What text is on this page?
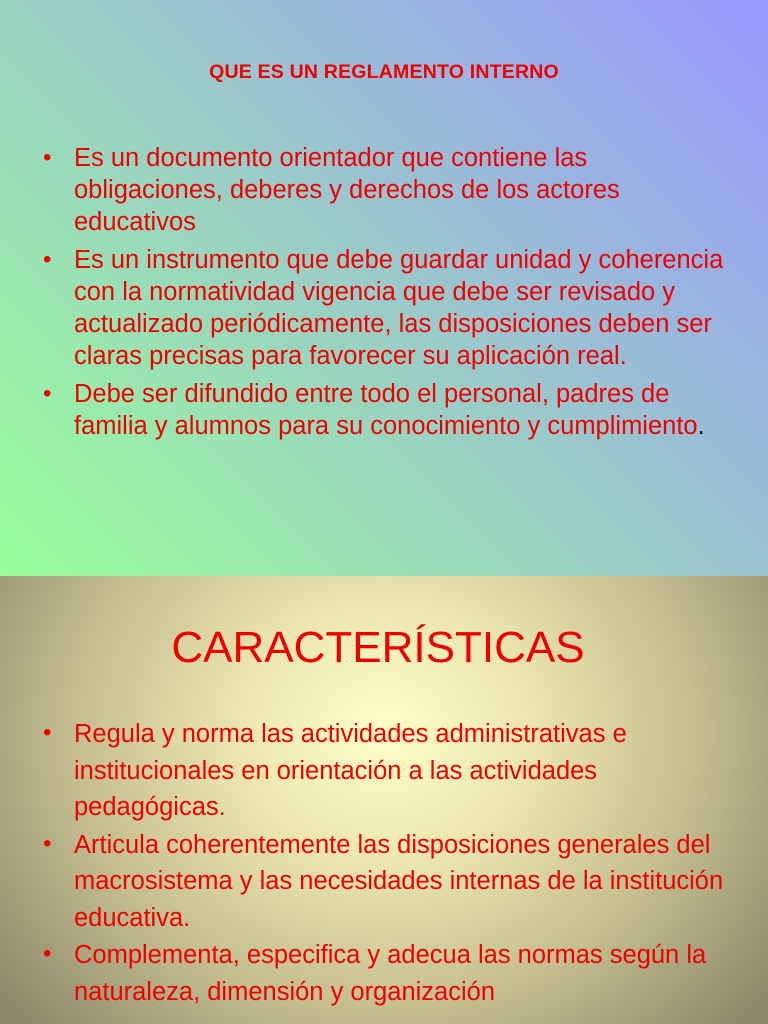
QUE ES UN REGLAMENTO INTERNO
• Es un documento orientador que contiene las obligaciones, deberes y derechos de los actores educativos
• Es un instrumento que debe guardar unidad y coherencia con la normatividad vigencia que debe ser revisado y actualizado periódicamente, las disposiciones deben ser claras precisas para favorecer su aplicación real.
• Debe ser difundido entre todo el personal, padres de familia y alumnos para su conocimiento y cumplimiento.
CARACTERÍSTICAS
• Regula y norma las actividades administrativas e institucionales en orientación a las actividades pedagógicas.
• Articula coherentemente las disposiciones generales del macrosistema y las necesidades internas de la institución educativa.
• Complementa, especifica y adecua las normas según la naturaleza, dimensión y organización
